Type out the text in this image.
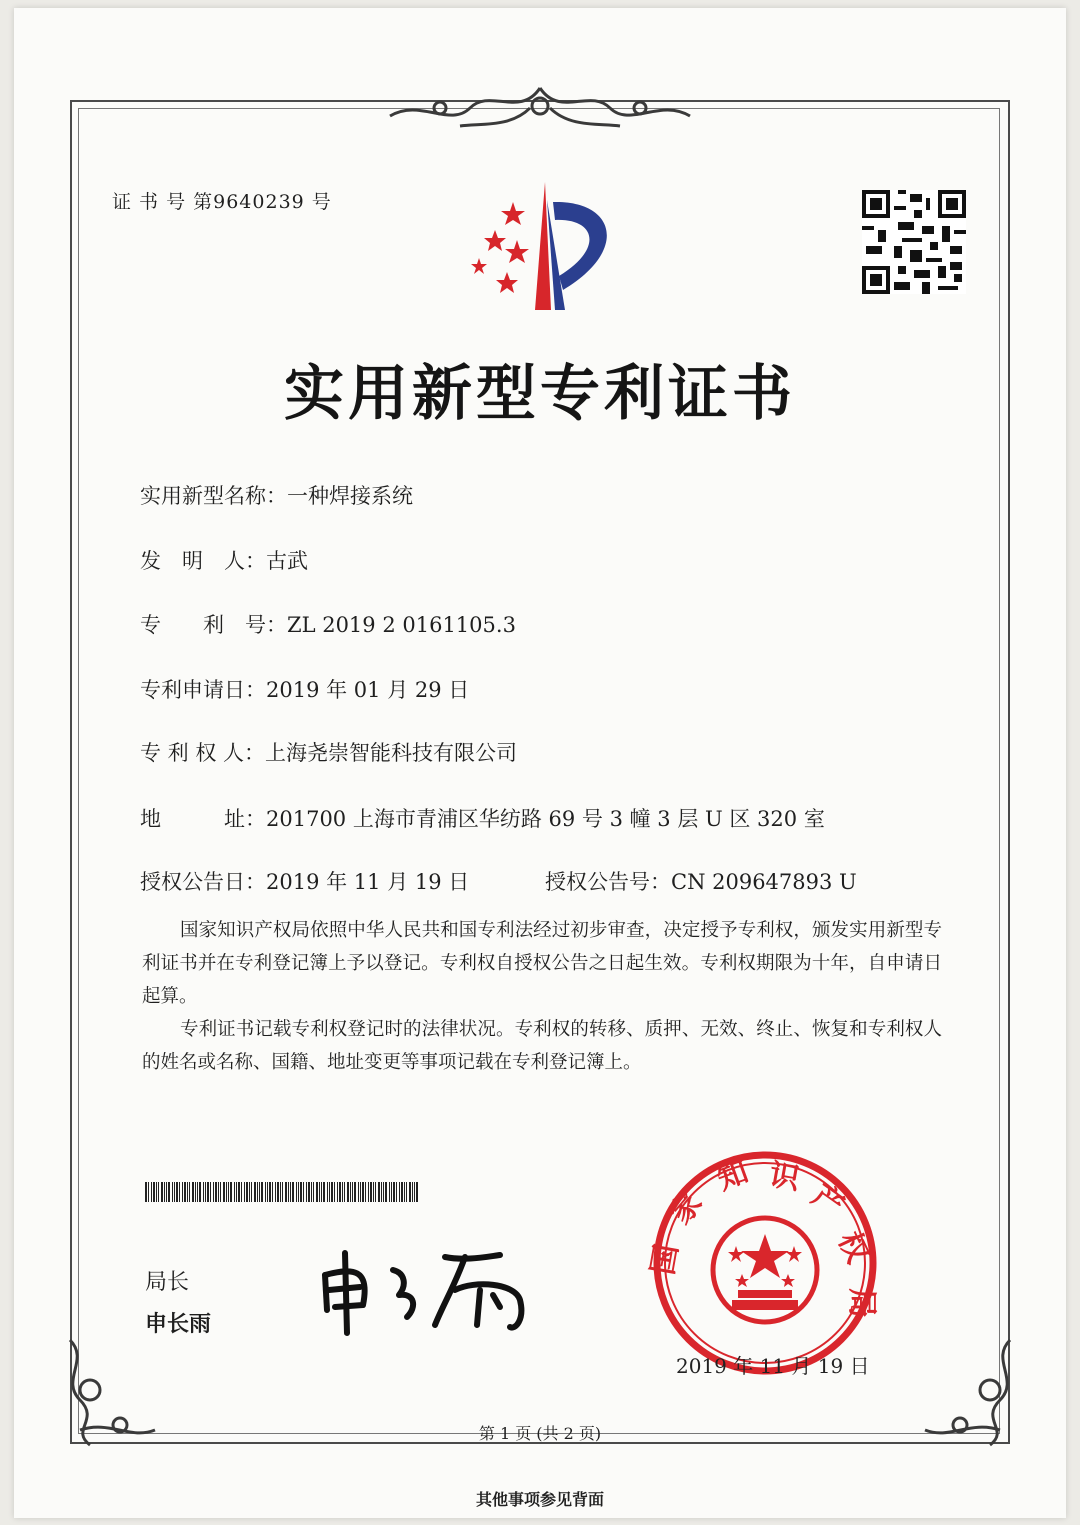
证 书 号 第9640239 号
实用新型专利证书
实用新型名称：一种焊接系统
发　明　人：古武
专　　利　号：ZL 2019 2 0161105.3
专利申请日：2019 年 01 月 29 日
专 利 权 人：上海尧崇智能科技有限公司
地　　　址：201700 上海市青浦区华纺路 69 号 3 幢 3 层 U 区 320 室
授权公告日：2019 年 11 月 19 日	授权公告号：CN 209647893 U
国家知识产权局依照中华人民共和国专利法经过初步审查，决定授予专利权，颁发实用新型专利证书并在专利登记簿上予以登记。专利权自授权公告之日起生效。专利权期限为十年，自申请日起算。
专利证书记载专利权登记时的法律状况。专利权的转移、质押、无效、终止、恢复和专利权人的姓名或名称、国籍、地址变更等事项记载在专利登记簿上。
局长
申长雨
国
家
知 识
产
权
局
2019 年 11 月 19 日
第 1 页 (共 2 页)
其他事项参见背面
